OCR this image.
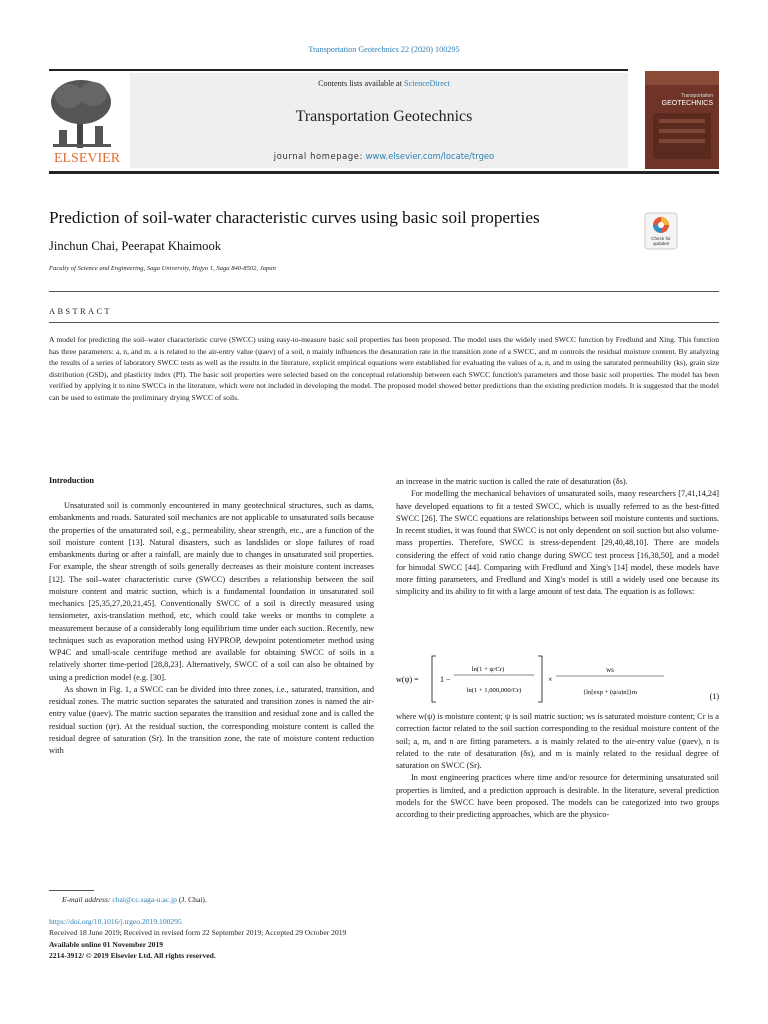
Transportation Geotechnics 22 (2020) 100295
ELSEVIER
Contents lists available at ScienceDirect
Transportation Geotechnics
journal homepage: www.elsevier.com/locate/trgeo
Transportation
GEOTECHNICS
Prediction of soil-water characteristic curves using basic soil properties
Jinchun Chai, Peerapat Khaimook
Faculty of Science and Engineering, Saga University, Hojyo 1, Saga 840-8502, Japan
Check for
updates
ABSTRACT
A model for predicting the soil–water characteristic curve (SWCC) using easy-to-measure basic soil properties has been proposed. The model uses the widely used SWCC function by Fredlund and Xing. This function has three parameters: a, n, and m. a is related to the air-entry value (ψaev) of a soil, n mainly influences the desaturation rate in the transition zone of a SWCC, and m controls the residual moisture content. By analyzing the results of a series of laboratory SWCC tests as well as the results in the literature, explicit empirical equations were established for evaluating the values of a, n, and m using the saturated permeability (ks), grain size distribution (GSD), and plasticity index (PI). The basic soil properties were selected based on the conceptual relationship between each SWCC function's parameters and those basic soil properties. The model has been verified by applying it to nine SWCCs in the literature, which were not included in developing the model. The proposed model showed better predictions than the existing prediction models. It is suggested that the model can be used to estimate the preliminary drying SWCC of soils.
Introduction

Unsaturated soil is commonly encountered in many geotechnical structures, such as dams, embankments and roads. Saturated soil mechanics are not applicable to unsaturated soils because the properties of the unsaturated soil, e.g., permeability, shear strength, etc., are a function of the soil moisture content [13]. Natural disasters, such as landslides or slope failures of road embankments during or after a rainfall, are mainly due to changes in unsaturated soil properties. For example, the shear strength of soils generally decreases as their moisture content increases [12]. The soil–water characteristic curve (SWCC) describes a relationship between the soil moisture content and matric suction, which is a fundamental foundation in unsaturated soil mechanics [25,35,27,20,21,45]. Conventionally SWCC of a soil is directly measured using tensiometer, axis-translation method, etc, which could take weeks or months to complete a measurement because of a considerably long equilibrium time under each suction. Recently, new techniques such as evaporation method using HYPROP, dewpoint potentiometer method using WP4C and small-scale centrifuge method are available for obtaining SWCC of soils in a relatively shorter time-period [28,8,23]. Alternatively, SWCC of a soil can also be obtained by using a prediction model (e.g. [30].

As shown in Fig. 1, a SWCC can be divided into three zones, i.e., saturated, transition, and residual zones. The matric suction separates the saturated and transition zones is named the air-entry value (ψaev). The matric suction separates the transition and residual zone and is called the residual suction (ψr). At the residual suction, the corresponding moisture content is called the residual degree of saturation (Sr). In the transition zone, the rate of moisture content reduction with

an increase in the matric suction is called the rate of desaturation (δs).

For modelling the mechanical behaviors of unsaturated soils, many researchers [7,41,14,24] have developed equations to fit a tested SWCC, which is usually referred to as the best-fitted SWCC [26]. The SWCC equations are relationships between soil moisture contents and suctions. In recent studies, it was found that SWCC is not only dependent on soil suction but also volume-mass properties. Therefore, SWCC is stress-dependent [29,40,48,10]. There are models considering the effect of void ratio change during SWCC test process [16,38,50], and a model for bimodal SWCC [44]. Comparing with Fredlund and Xing's [14] model, these models have more fitting parameters, and Fredlund and Xing's model is still a widely used one because its simplicity and its ability to fit with a large amount of test data. The equation is as follows:

w(ψ) =	1 −
ln(1 + ψ/Cr)
ln(1 + 1,000,000/Cr)
×
ws
{ln[exp + (ψ/a)n]}m	(1)

where w(ψ) is moisture content; ψ is soil matric suction; ws is saturated moisture content; Cr is a correction factor related to the soil suction corresponding to the residual moisture content of the soil; a, m, and n are fitting parameters. a is mainly related to the air-entry value (ψaev), n is related to the rate of desaturation (δs), and m is mainly related to the residual degree of saturation on SWCC (Sr).

In most engineering practices where time and/or resource for determining unsaturated soil properties is limited, and a prediction approach is desirable. In the literature, several prediction models for the SWCC have been proposed. The models can be categorized into two groups according to their predicting approaches, which are the physico-

E-mail address: chai@cc.saga-u.ac.jp (J. Chai).
https://doi.org/10.1016/j.trgeo.2019.100295
Received 18 June 2019; Received in revised form 22 September 2019; Accepted 29 October 2019
Available online 01 November 2019
2214-3912/ © 2019 Elsevier Ltd. All rights reserved.
